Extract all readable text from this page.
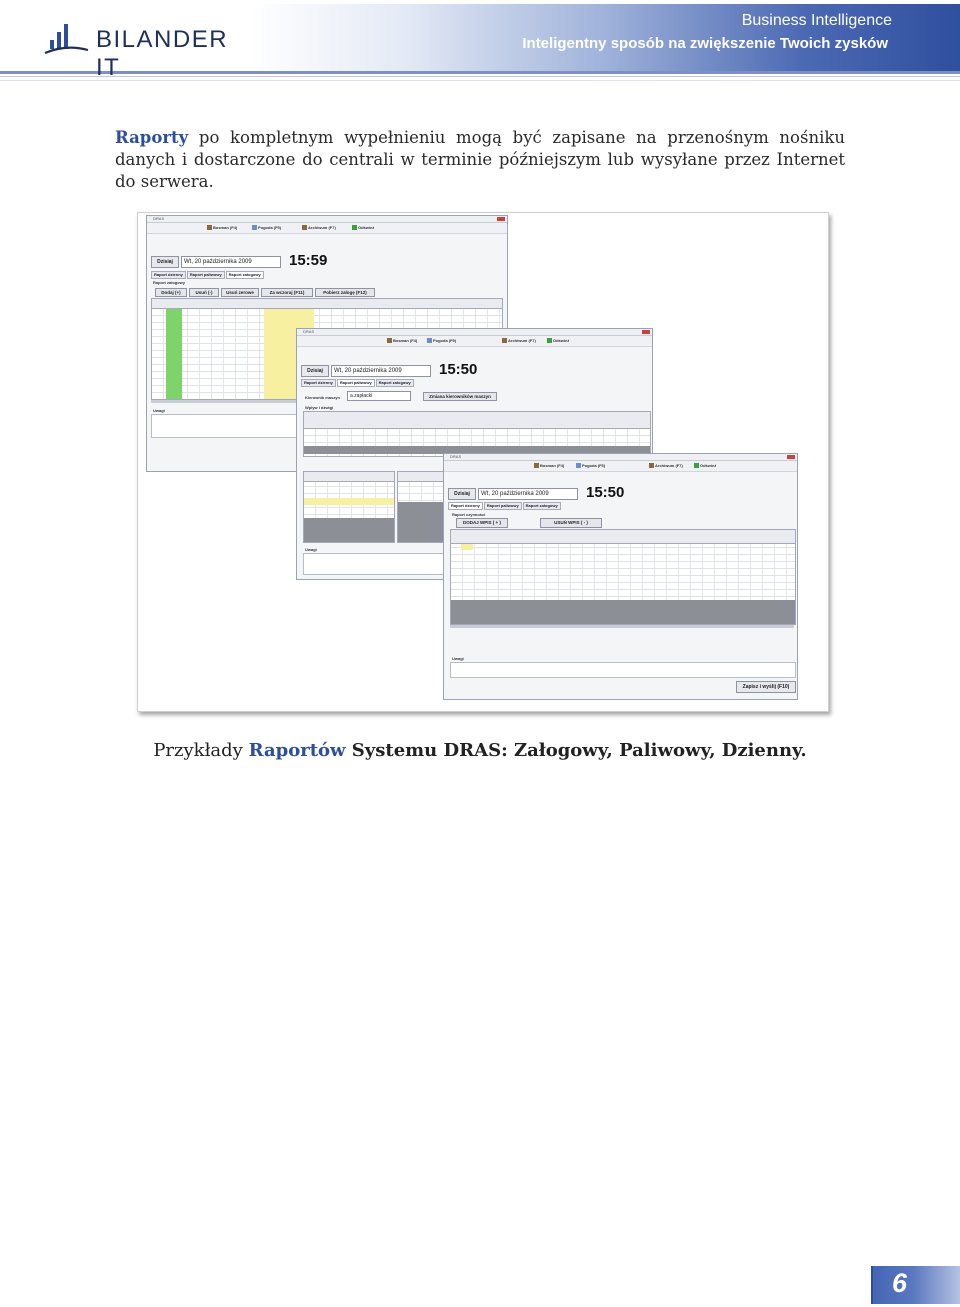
BILANDER IT
Business Intelligence
Inteligentny sposób na zwiększenie Twoich zysków

Raporty po kompletnym wypełnieniu mogą być zapisane na przenośnym nośniku danych i dostarczone do centrali w terminie późniejszym lub wysyłane przez Internet do serwera.

DRAS
Bosman (F4)	Pogoda (F5)	Archiwum (F7)	Odśwież
Dzisiaj	Wt, 20 października 2009	15:59
Raport dzienny Raport paliwowy Raport załogowy
Raport załogowy
Dodaj (+)	Usuń (-)	Usuń zerowe	Za wczoraj (F11)	Pobierz załogę (F12)
Uwagi
DRAS
Bosman (F4)	Pogoda (F5)	Archiwum (F7)	Odśwież
Dzisiaj	Wt, 20 października 2009	15:50
Raport dzienny Raport paliwowy Raport załogowy
Kierownik maszyn	a.zapłacki	Zmiana kierowników maszyn
Wpływ i dźwigi
Uwagi
DRAS
Bosman (F4)	Pogoda (F5)	Archiwum (F7)	Odśwież
Dzisiaj	Wt, 20 października 2009	15:50
Raport dzienny Raport paliwowy Raport załogowy
Raport czynności
DODAJ WPIS ( + )	USUŃ WPIS ( - )
Uwagi
Zapisz i wyślij (F10)
Przykłady Raportów Systemu DRAS: Załogowy, Paliwowy, Dzienny.
6
